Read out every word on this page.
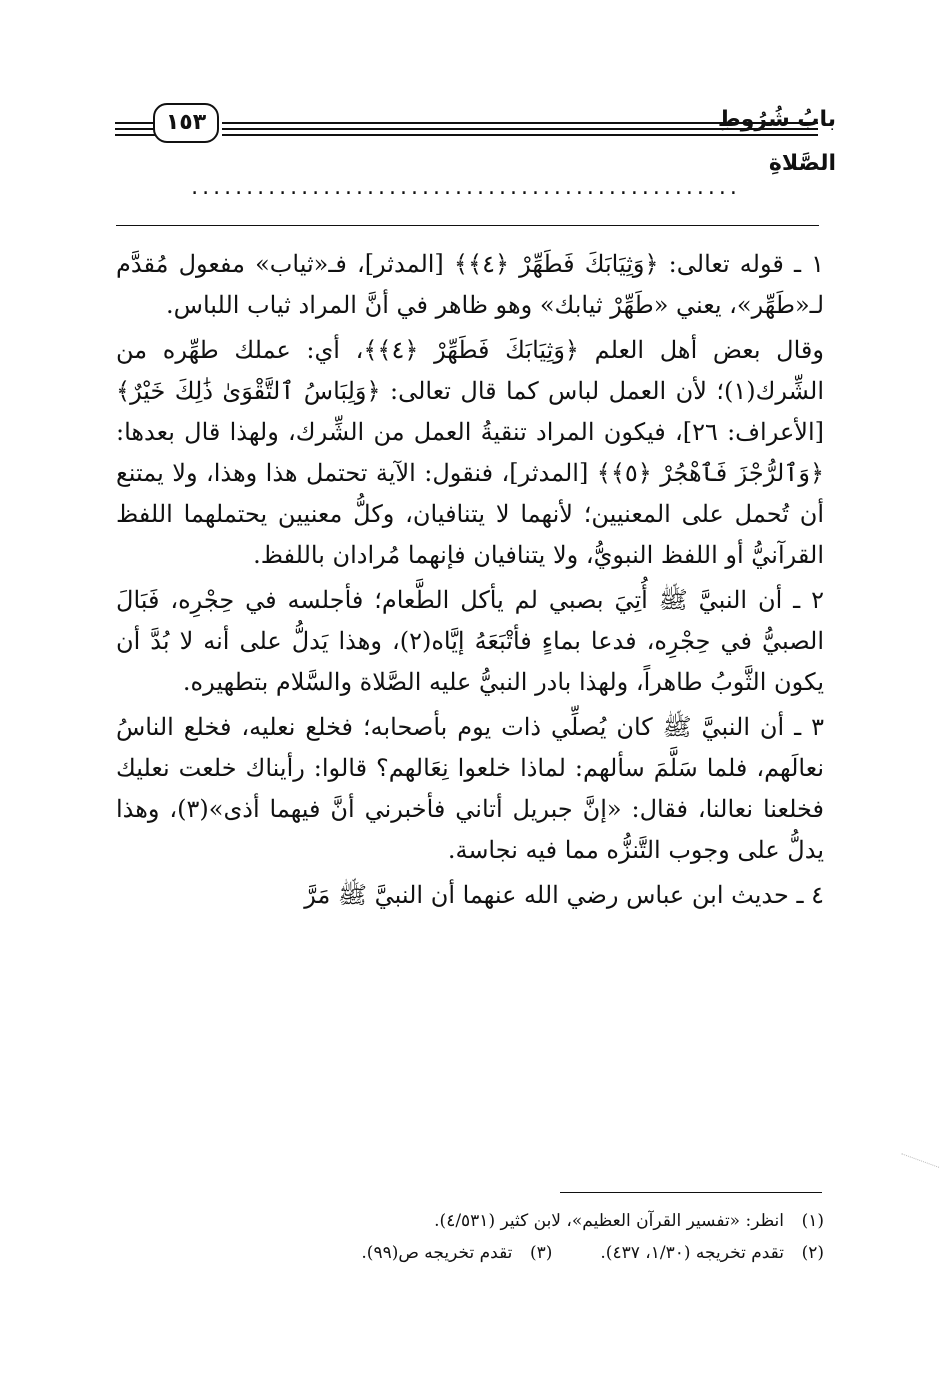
بابُ شُرُوطِ الصَّلاةِ
١٥٣
..................................................

١ ـ قوله تعالى: ﴿وَثِيَابَكَ فَطَهِّرْ ﴿٤﴾﴾ [المدثر]، فـ«ثياب» مفعول مُقدَّم لـ«طَهِّر»، يعني «طَهِّرْ ثيابك» وهو ظاهر في أنَّ المراد ثياب اللباس.

وقال بعض أهل العلم ﴿وَثِيَابَكَ فَطَهِّرْ ﴿٤﴾﴾، أي: عملك طهِّره من الشِّرك(١)؛ لأن العمل لباس كما قال تعالى: ﴿وَلِبَاسُ ٱلتَّقْوَىٰ ذَٰلِكَ خَيْرٌ﴾ [الأعراف: ٢٦]، فيكون المراد تنقيةُ العمل من الشِّرك، ولهذا قال بعدها: ﴿وَٱلرُّجْزَ فَٱهْجُرْ ﴿٥﴾﴾ [المدثر]، فنقول: الآية تحتمل هذا وهذا، ولا يمتنع أن تُحمل على المعنيين؛ لأنهما لا يتنافيان، وكلُّ معنيين يحتملهما اللفظ القرآنيُّ أو اللفظ النبويُّ، ولا يتنافيان فإنهما مُرادان باللفظ.

٢ ـ أن النبيَّ ﷺ أُتِيَ بصبي لم يأكل الطَّعام؛ فأجلسه في حِجْرِه، فَبَالَ الصبيُّ في حِجْرِه، فدعا بماءٍ فأتْبَعَهُ إيَّاه(٢)، وهذا يَدلُّ على أنه لا بُدَّ أن يكون الثَّوبُ طاهراً، ولهذا بادر النبيُّ عليه الصَّلاة والسَّلام بتطهيره.

٣ ـ أن النبيَّ ﷺ كان يُصلِّي ذات يوم بأصحابه؛ فخلع نعليه، فخلع الناسُ نعالَهم، فلما سَلَّمَ سألهم: لماذا خلعوا نِعَالهم؟ قالوا: رأيناك خلعت نعليك فخلعنا نعالنا، فقال: «إنَّ جبريل أتاني فأخبرني أنَّ فيهما أذى»(٣)، وهذا يدلُّ على وجوب التَّنزُّه مما فيه نجاسة.

٤ ـ حديث ابن عباس رضي الله عنهما أن النبيَّ ﷺ مَرَّ

(١)
انظر: «تفسير القرآن العظيم»، لابن كثير (٤/٥٣١).
(٢)
تقدم تخريجه (١/٣٠، ٤٣٧).
(٣)
تقدم تخريجه ص(٩٩).
